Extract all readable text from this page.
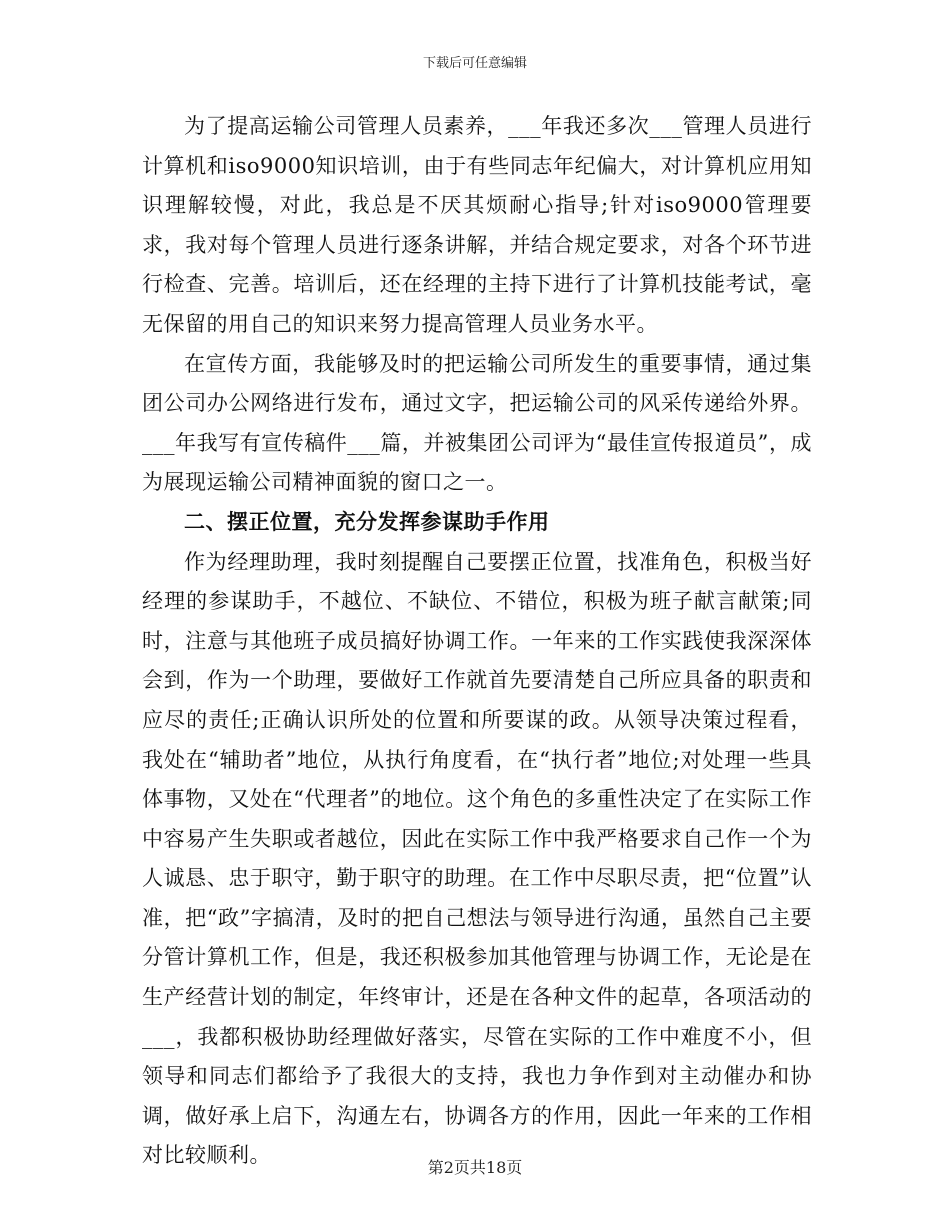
下载后可任意编辑

为了提高运输公司管理人员素养，___年我还多次___管理人员进行计算机和iso9000知识培训，由于有些同志年纪偏大，对计算机应用知识理解较慢，对此，我总是不厌其烦耐心指导;针对iso9000管理要求，我对每个管理人员进行逐条讲解，并结合规定要求，对各个环节进行检查、完善。培训后，还在经理的主持下进行了计算机技能考试，毫无保留的用自己的知识来努力提高管理人员业务水平。

在宣传方面，我能够及时的把运输公司所发生的重要事情，通过集团公司办公网络进行发布，通过文字，把运输公司的风采传递给外界。___年我写有宣传稿件___篇，并被集团公司评为“最佳宣传报道员”，成为展现运输公司精神面貌的窗口之一。

二、摆正位置，充分发挥参谋助手作用

作为经理助理，我时刻提醒自己要摆正位置，找准角色，积极当好经理的参谋助手，不越位、不缺位、不错位，积极为班子献言献策;同时，注意与其他班子成员搞好协调工作。一年来的工作实践使我深深体会到，作为一个助理，要做好工作就首先要清楚自己所应具备的职责和应尽的责任;正确认识所处的位置和所要谋的政。从领导决策过程看，我处在“辅助者”地位，从执行角度看，在“执行者”地位;对处理一些具体事物，又处在“代理者”的地位。这个角色的多重性决定了在实际工作中容易产生失职或者越位，因此在实际工作中我严格要求自己作一个为人诚恳、忠于职守，勤于职守的助理。在工作中尽职尽责，把“位置”认准，把“政”字搞清，及时的把自己想法与领导进行沟通，虽然自己主要分管计算机工作，但是，我还积极参加其他管理与协调工作，无论是在生产经营计划的制定，年终审计，还是在各种文件的起草，各项活动的___，我都积极协助经理做好落实，尽管在实际的工作中难度不小，但领导和同志们都给予了我很大的支持，我也力争作到对主动催办和协调，做好承上启下，沟通左右，协调各方的作用，因此一年来的工作相对比较顺利。

第2页共18页
